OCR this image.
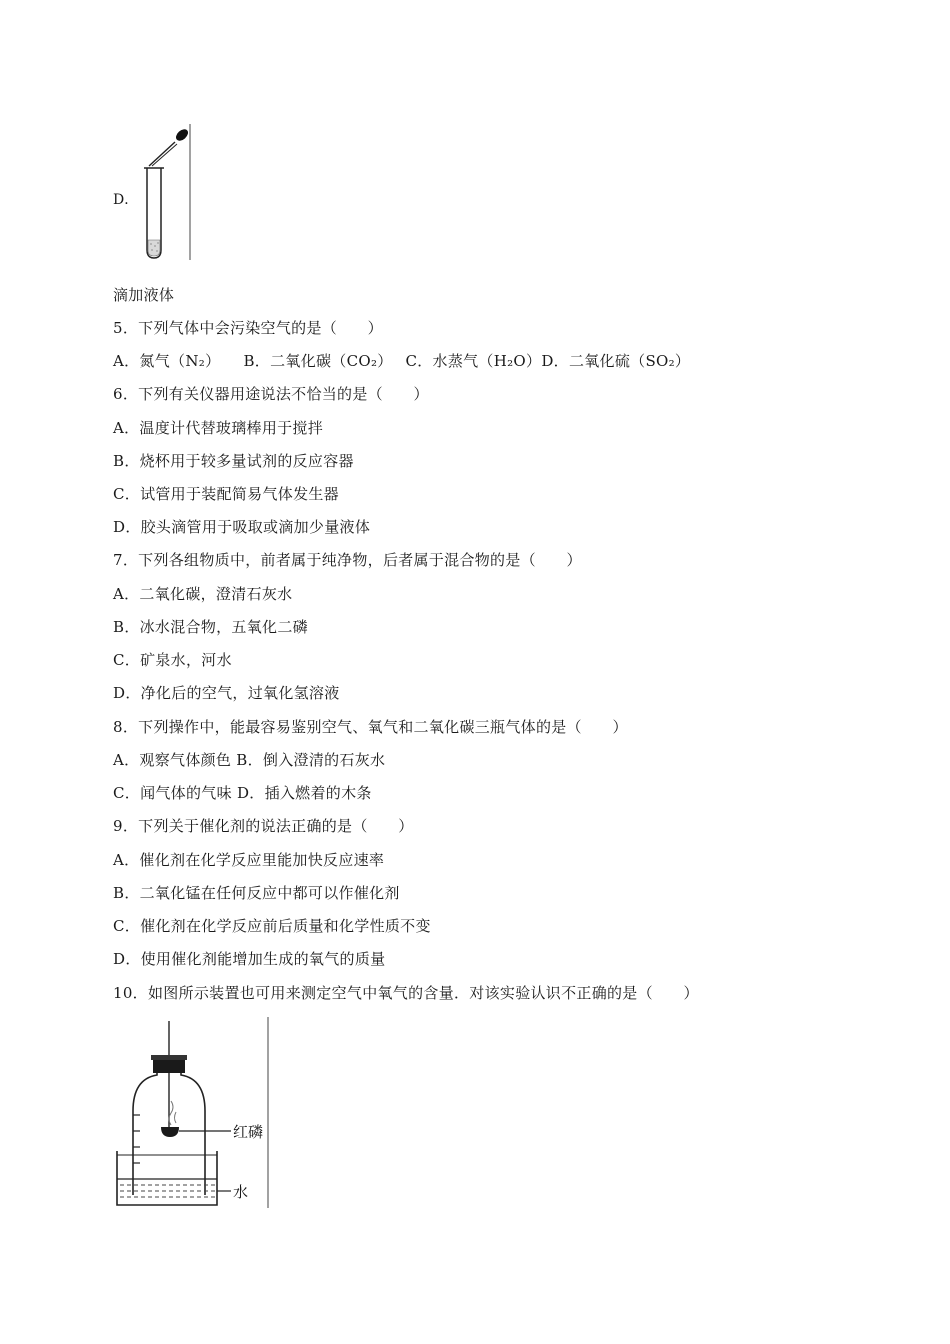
D．
滴加液体
5．下列气体中会污染空气的是（　　）
A．氮气（N₂）　　B．二氧化碳（CO₂）　 C．水蒸气（H₂O）D．二氧化硫（SO₂）
6．下列有关仪器用途说法不恰当的是（　　）
A．温度计代替玻璃棒用于搅拌
B．烧杯用于较多量试剂的反应容器
C．试管用于装配简易气体发生器
D．胶头滴管用于吸取或滴加少量液体
7．下列各组物质中，前者属于纯净物，后者属于混合物的是（　　）
A．二氧化碳，澄清石灰水
B．冰水混合物，五氧化二磷
C．矿泉水，河水
D．净化后的空气，过氧化氢溶液
8．下列操作中，能最容易鉴别空气、氧气和二氧化碳三瓶气体的是（　　）
A．观察气体颜色 B．倒入澄清的石灰水
C．闻气体的气味 D．插入燃着的木条
9．下列关于催化剂的说法正确的是（　　）
A．催化剂在化学反应里能加快反应速率
B．二氧化锰在任何反应中都可以作催化剂
C．催化剂在化学反应前后质量和化学性质不变
D．使用催化剂能增加生成的氧气的质量
10．如图所示装置也可用来测定空气中氧气的含量．对该实验认识不正确的是（　　）
红磷
水
